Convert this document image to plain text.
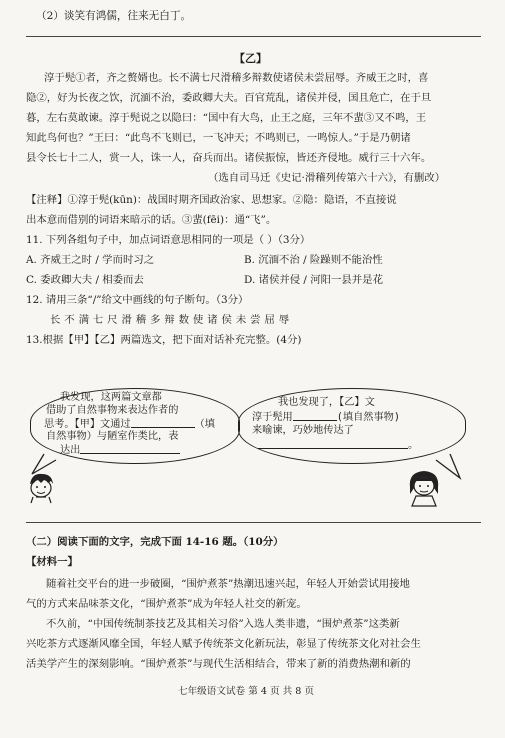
（2）谈笑有鸿儒，往来无白丁。
【乙】
淳于髡①者，齐之赘婿也。长不满七尺滑稽多辩数使诸侯未尝屈辱。齐威王之时，喜
隐②，好为长夜之饮，沉湎不治，委政卿大夫。百官荒乱，诸侯并侵，国且危亡，在于旦
暮，左右莫敢谏。淳于髡说之以隐曰：“国中有大鸟，止王之庭，三年不蜚③又不鸣，王
知此鸟何也？”王曰：“此鸟不飞则已，一飞冲天；不鸣则已，一鸣惊人。”于是乃朝诸
县令长七十二人，赏一人，诛一人，奋兵而出。诸侯振惊，皆还齐侵地。威行三十六年。
（选自司马迁《史记·滑稽列传第六十六》，有删改）
【注释】①淳于髡(kūn)：战国时期齐国政治家、思想家。②隐：隐语，不直接说
出本意而借别的词语来暗示的话。③蜚(fēi)：通“飞”。
11. 下列各组句子中，加点词语意思相同的一项是（ ）（3分）
A. 齐威王之时 / 学而时习之	B. 沉湎不治 / 险躁则不能治性
C. 委政卿大夫 / 相委而去	D. 诸侯并侵 / 河阳一县并是花
12. 请用三条“/”给文中画线的句子断句。（3分）
长 不 满 七 尺 滑 稽 多 辩 数 使 诸 侯 未 尝 屈 辱
13.根据【甲】【乙】两篇选文，把下面对话补充完整。(4分)
我发现，这两篇文章都
借助了自然事物来表达作者的
思考。【甲】文通过	（填
自然事物）与陋室作类比，表
达出
我也发现了，【乙】文
淳于髡用	(填自然事物)
来喻谏，巧妙地传达了
。
（二）阅读下面的文字，完成下面 14-16 题。（10分）
【材料一】
随着社交平台的进一步破圈，“围炉煮茶”热潮迅速兴起，年轻人开始尝试用接地
气的方式来品味茶文化，“围炉煮茶”成为年轻人社交的新宠。
不久前，“中国传统制茶技艺及其相关习俗”入选人类非遗，“围炉煮茶”这类新
兴吃茶方式逐渐风靡全国，年轻人赋予传统茶文化新玩法，彰显了传统茶文化对社会生
活美学产生的深刻影响。“围炉煮茶”与现代生活相结合，带来了新的消费热潮和新的
七年级语文试卷 第 4 页 共 8 页
